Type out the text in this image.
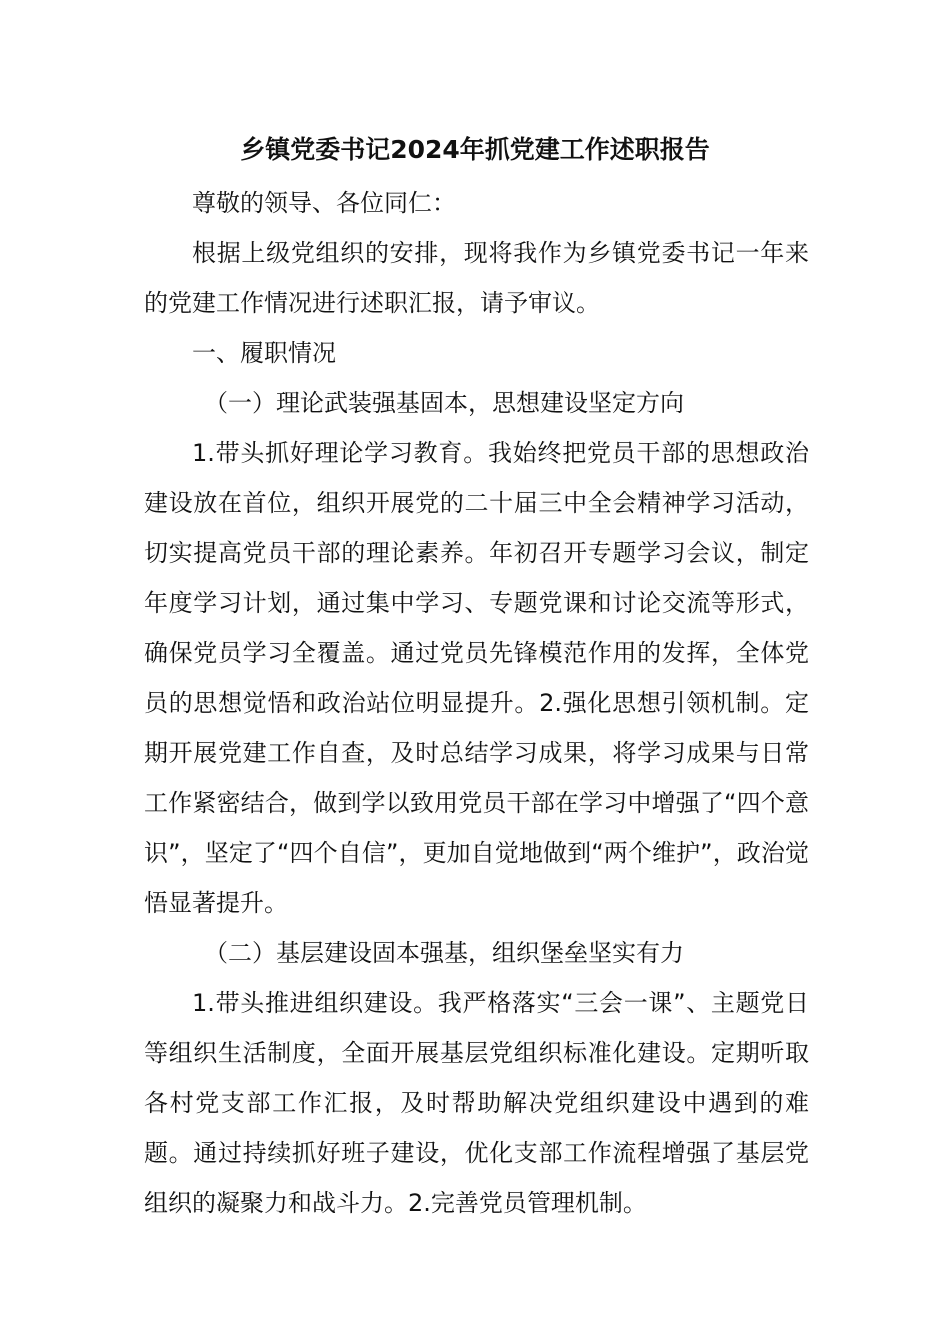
乡镇党委书记2024年抓党建工作述职报告

尊敬的领导、各位同仁：

根据上级党组织的安排，现将我作为乡镇党委书记一年来的党建工作情况进行述职汇报，请予审议。

一、履职情况

（一）理论武装强基固本，思想建设坚定方向

1.带头抓好理论学习教育。我始终把党员干部的思想政治建设放在首位，组织开展党的二十届三中全会精神学习活动，切实提高党员干部的理论素养。年初召开专题学习会议，制定年度学习计划，通过集中学习、专题党课和讨论交流等形式，确保党员学习全覆盖。通过党员先锋模范作用的发挥，全体党员的思想觉悟和政治站位明显提升。2.强化思想引领机制。定期开展党建工作自查，及时总结学习成果，将学习成果与日常工作紧密结合，做到学以致用党员干部在学习中增强了“四个意识”，坚定了“四个自信”，更加自觉地做到“两个维护”，政治觉悟显著提升。

（二）基层建设固本强基，组织堡垒坚实有力

1.带头推进组织建设。我严格落实“三会一课”、主题党日等组织生活制度，全面开展基层党组织标准化建设。定期听取各村党支部工作汇报，及时帮助解决党组织建设中遇到的难题。通过持续抓好班子建设，优化支部工作流程增强了基层党组织的凝聚力和战斗力。2.完善党员管理机制。
